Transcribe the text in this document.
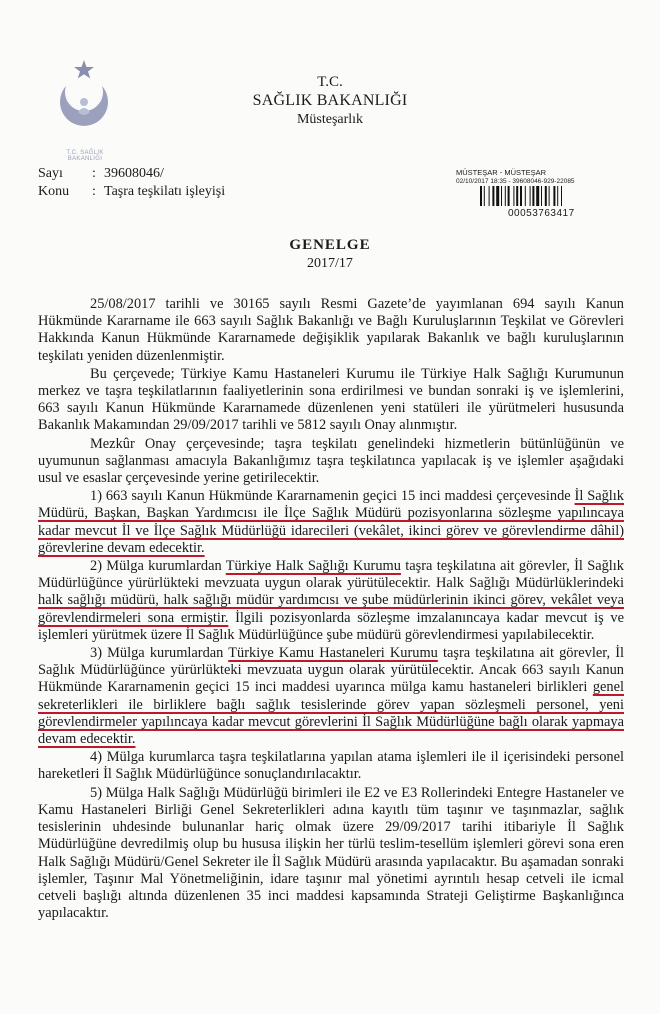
T.C. SAĞLIK BAKANLIĞI
T.C.
SAĞLIK BAKANLIĞI
Müsteşarlık
Sayı : 39608046/
Konu : Taşra teşkilatı işleyişi
MÜSTEŞAR - MÜSTEŞAR
02/10/2017 18:35 - 39608046-929-22085
00053763417
GENELGE
2017/17

25/08/2017 tarihli ve 30165 sayılı Resmi Gazete’de yayımlanan 694 sayılı Kanun Hükmünde Kararname ile 663 sayılı Sağlık Bakanlığı ve Bağlı Kuruluşlarının Teşkilat ve Görevleri Hakkında Kanun Hükmünde Kararnamede değişiklik yapılarak Bakanlık ve bağlı kuruluşlarının teşkilatı yeniden düzenlenmiştir.

Bu çerçevede; Türkiye Kamu Hastaneleri Kurumu ile Türkiye Halk Sağlığı Kurumunun merkez ve taşra teşkilatlarının faaliyetlerinin sona erdirilmesi ve bundan sonraki iş ve işlemlerini, 663 sayılı Kanun Hükmünde Kararnamede düzenlenen yeni statüleri ile yürütmeleri hususunda Bakanlık Makamından 29/09/2017 tarihli ve 5812 sayılı Onay alınmıştır.

Mezkûr Onay çerçevesinde; taşra teşkilatı genelindeki hizmetlerin bütünlüğünün ve uyumunun sağlanması amacıyla Bakanlığımız taşra teşkilatınca yapılacak iş ve işlemler aşağıdaki usul ve esaslar çerçevesinde yerine getirilecektir.

1) 663 sayılı Kanun Hükmünde Kararnamenin geçici 15 inci maddesi çerçevesinde İl Sağlık Müdürü, Başkan, Başkan Yardımcısı ile İlçe Sağlık Müdürü pozisyonlarına sözleşme yapılıncaya kadar mevcut İl ve İlçe Sağlık Müdürlüğü idarecileri (vekâlet, ikinci görev ve görevlendirme dâhil) görevlerine devam edecektir.

2) Mülga kurumlardan Türkiye Halk Sağlığı Kurumu taşra teşkilatına ait görevler, İl Sağlık Müdürlüğünce yürürlükteki mevzuata uygun olarak yürütülecektir. Halk Sağlığı Müdürlüklerindeki halk sağlığı müdürü, halk sağlığı müdür yardımcısı ve şube müdürlerinin ikinci görev, vekâlet veya görevlendirmeleri sona ermiştir. İlgili pozisyonlarda sözleşme imzalanıncaya kadar mevcut iş ve işlemleri yürütmek üzere İl Sağlık Müdürlüğünce şube müdürü görevlendirmesi yapılabilecektir.

3) Mülga kurumlardan Türkiye Kamu Hastaneleri Kurumu taşra teşkilatına ait görevler, İl Sağlık Müdürlüğünce yürürlükteki mevzuata uygun olarak yürütülecektir. Ancak 663 sayılı Kanun Hükmünde Kararnamenin geçici 15 inci maddesi uyarınca mülga kamu hastaneleri birlikleri genel sekreterlikleri ile birliklere bağlı sağlık tesislerinde görev yapan sözleşmeli personel, yeni görevlendirmeler yapılıncaya kadar mevcut görevlerini İl Sağlık Müdürlüğüne bağlı olarak yapmaya devam edecektir.

4) Mülga kurumlarca taşra teşkilatlarına yapılan atama işlemleri ile il içerisindeki personel hareketleri İl Sağlık Müdürlüğünce sonuçlandırılacaktır.

5) Mülga Halk Sağlığı Müdürlüğü birimleri ile E2 ve E3 Rollerindeki Entegre Hastaneler ve Kamu Hastaneleri Birliği Genel Sekreterlikleri adına kayıtlı tüm taşınır ve taşınmazlar, sağlık tesislerinin uhdesinde bulunanlar hariç olmak üzere 29/09/2017 tarihi itibariyle İl Sağlık Müdürlüğüne devredilmiş olup bu hususa ilişkin her türlü teslim-tesellüm işlemleri görevi sona eren Halk Sağlığı Müdürü/Genel Sekreter ile İl Sağlık Müdürü arasında yapılacaktır. Bu aşamadan sonraki işlemler, Taşınır Mal Yönetmeliğinin, idare taşınır mal yönetimi ayrıntılı hesap cetveli ile icmal cetveli başlığı altında düzenlenen 35 inci maddesi kapsamında Strateji Geliştirme Başkanlığınca yapılacaktır.
